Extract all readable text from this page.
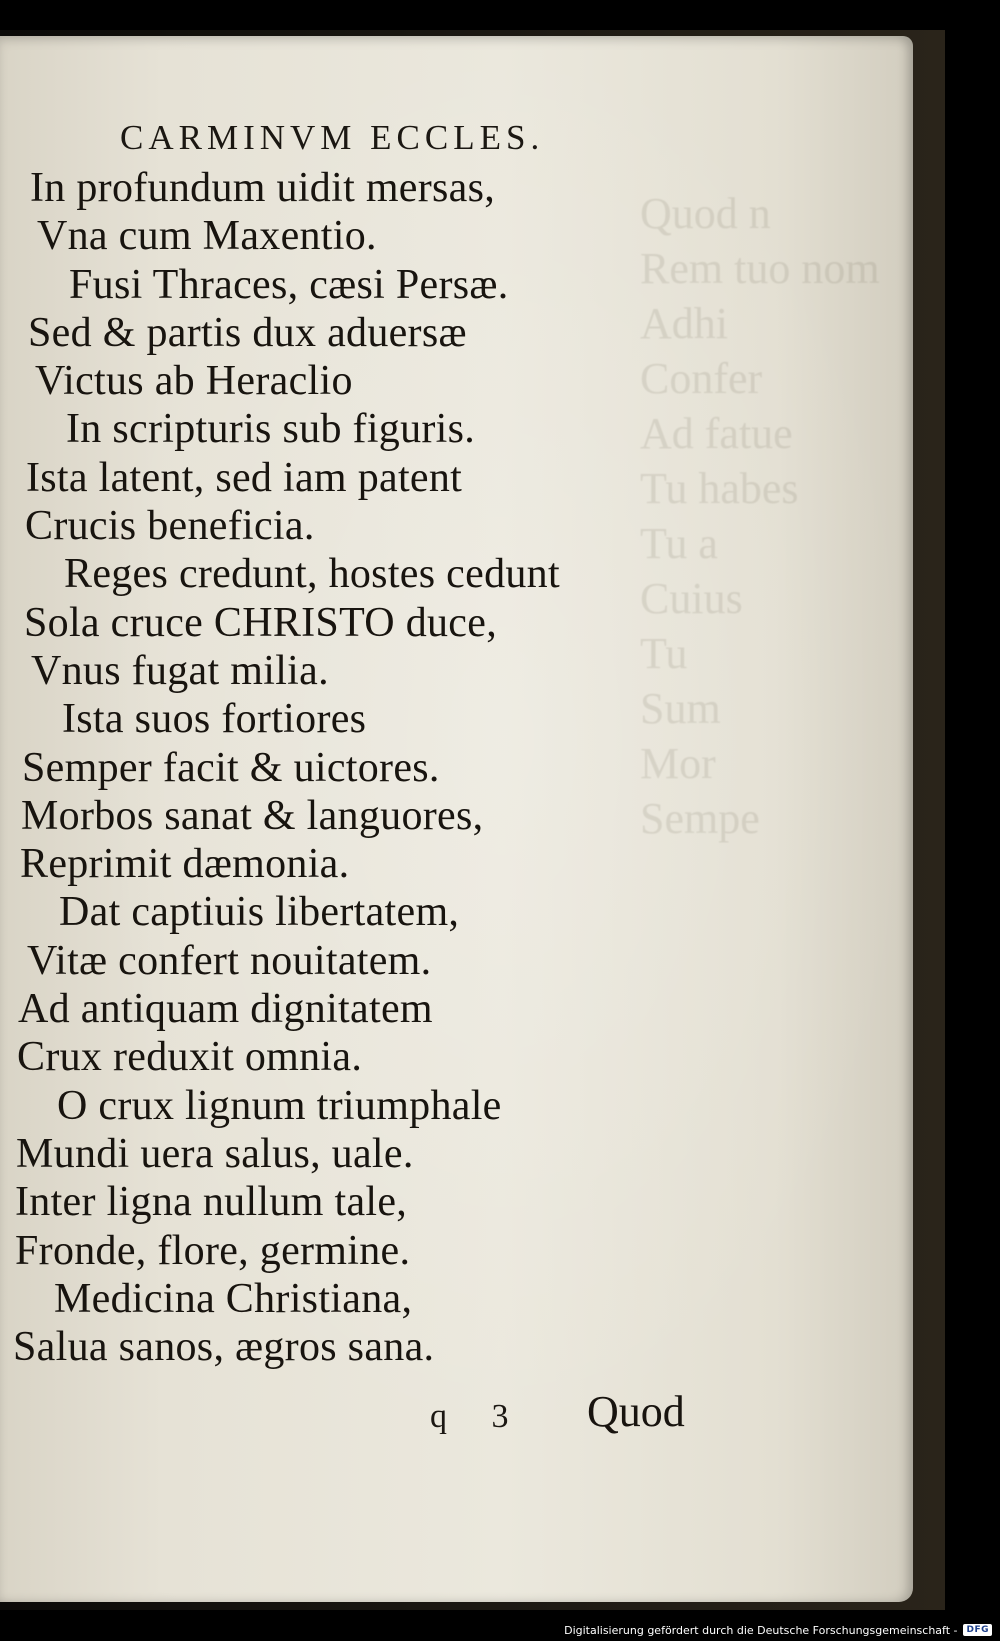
Quod n
Rem tuo nom
Adhi
Confer
Ad fatue
Tu habes
Tu a
Cuius
Tu
Sum
Mor
Sempe

CARMINVM ECCLES.
In profundum uidit mersas,
Vna cum Maxentio.
Fusi Thraces, cæsi Persæ.
Sed & partis dux aduersæ
Victus ab Heraclio
In scripturis sub figuris.
Ista latent, sed iam patent
Crucis beneficia.
Reges credunt, hostes cedunt
Sola cruce CHRISTO duce,
Vnus fugat milia.
Ista suos fortiores
Semper facit & uictores.
Morbos sanat & languores,
Reprimit dæmonia.
Dat captiuis libertatem,
Vitæ confert nouitatem.
Ad antiquam dignitatem
Crux reduxit omnia.
O crux lignum triumphale
Mundi uera salus, uale.
Inter ligna nullum tale,
Fronde, flore, germine.
Medicina Christiana,
Salua sanos, ægros sana.
q 3 Quod
Digitalisierung gefördert durch die Deutsche Forschungsgemeinschaft -	DFG
